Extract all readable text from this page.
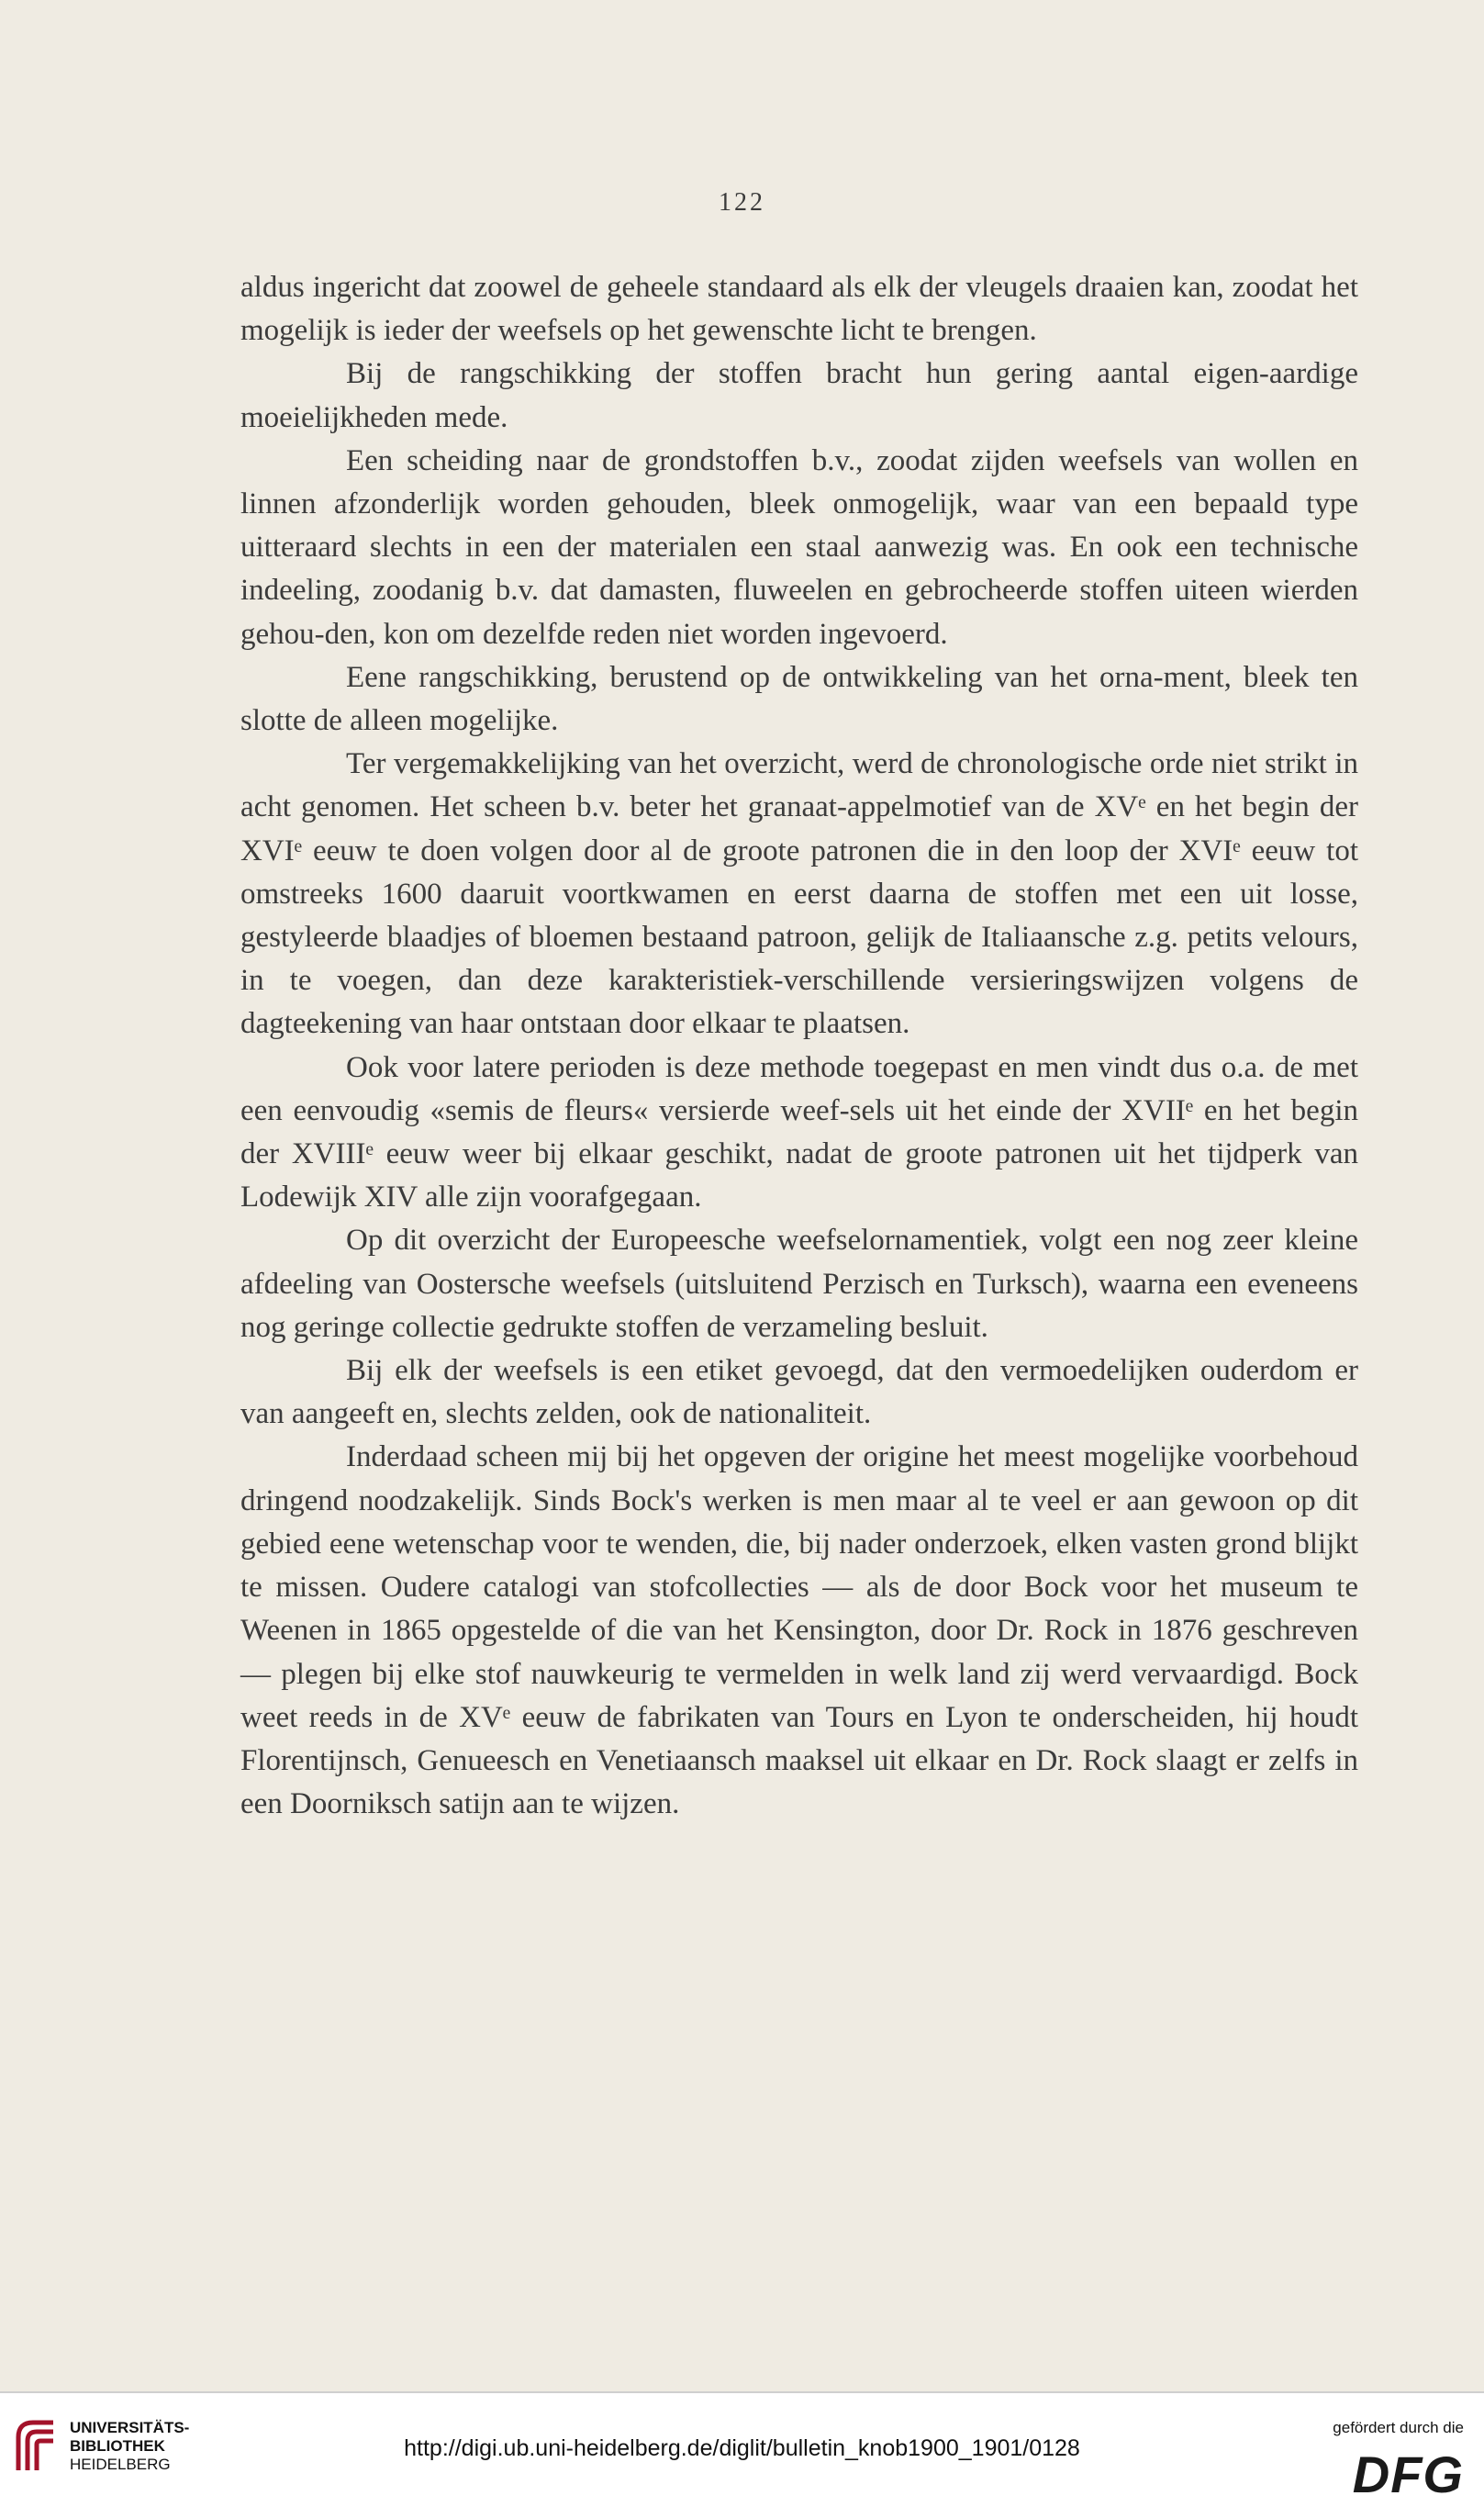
122

aldus ingericht dat zoowel de geheele standaard als elk der vleugels draaien kan, zoodat het mogelijk is ieder der weefsels op het gewenschte licht te brengen.

Bij de rangschikking der stoffen bracht hun gering aantal eigen-aardige moeielijkheden mede.

Een scheiding naar de grondstoffen b.v., zoodat zijden weefsels van wollen en linnen afzonderlijk worden gehouden, bleek onmogelijk, waar van een bepaald type uitteraard slechts in een der materialen een staal aanwezig was. En ook een technische indeeling, zoodanig b.v. dat damasten, fluweelen en gebrocheerde stoffen uiteen wierden gehou-den, kon om dezelfde reden niet worden ingevoerd.

Eene rangschikking, berustend op de ontwikkeling van het orna-ment, bleek ten slotte de alleen mogelijke.

Ter vergemakkelijking van het overzicht, werd de chronologische orde niet strikt in acht genomen. Het scheen b.v. beter het granaat-appelmotief van de XVᵉ en het begin der XVIᵉ eeuw te doen volgen door al de groote patronen die in den loop der XVIᵉ eeuw tot omstreeks 1600 daaruit voortkwamen en eerst daarna de stoffen met een uit losse, gestyleerde blaadjes of bloemen bestaand patroon, gelijk de Italiaansche z.g. petits velours, in te voegen, dan deze karakteristiek-verschillende versieringswijzen volgens de dagteekening van haar ontstaan door elkaar te plaatsen.

Ook voor latere perioden is deze methode toegepast en men vindt dus o.a. de met een eenvoudig «semis de fleurs« versierde weef-sels uit het einde der XVIIᵉ en het begin der XVIIIᵉ eeuw weer bij elkaar geschikt, nadat de groote patronen uit het tijdperk van Lodewijk XIV alle zijn voorafgegaan.

Op dit overzicht der Europeesche weefselornamentiek, volgt een nog zeer kleine afdeeling van Oostersche weefsels (uitsluitend Perzisch en Turksch), waarna een eveneens nog geringe collectie gedrukte stoffen de verzameling besluit.

Bij elk der weefsels is een etiket gevoegd, dat den vermoedelijken ouderdom er van aangeeft en, slechts zelden, ook de nationaliteit.

Inderdaad scheen mij bij het opgeven der origine het meest mogelijke voorbehoud dringend noodzakelijk. Sinds Bock's werken is men maar al te veel er aan gewoon op dit gebied eene wetenschap voor te wenden, die, bij nader onderzoek, elken vasten grond blijkt te missen. Oudere catalogi van stofcollecties — als de door Bock voor het museum te Weenen in 1865 opgestelde of die van het Kensington, door Dr. Rock in 1876 geschreven — plegen bij elke stof nauwkeurig te vermelden in welk land zij werd vervaardigd. Bock weet reeds in de XVᵉ eeuw de fabrikaten van Tours en Lyon te onderscheiden, hij houdt Florentijnsch, Genueesch en Venetiaansch maaksel uit elkaar en Dr. Rock slaagt er zelfs in een Doorniksch satijn aan te wijzen.

UNIVERSITÄTS-
BIBLIOTHEK
HEIDELBERG
http://digi.ub.uni-heidelberg.de/diglit/bulletin_knob1900_1901/0128
gefördert durch die
DFG
